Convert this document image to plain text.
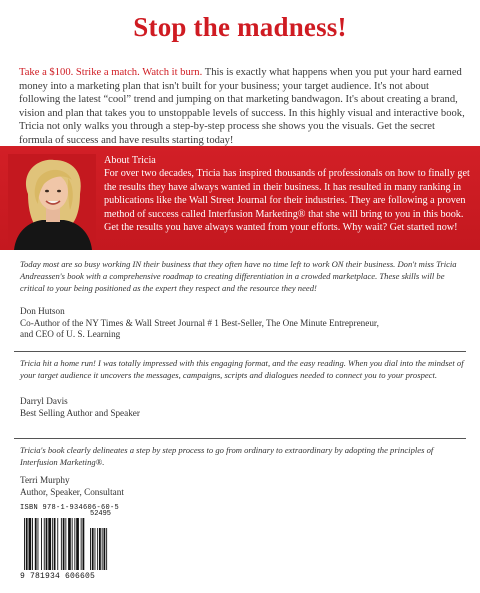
Stop the madness!
Take a $100. Strike a match. Watch it burn. This is exactly what happens when you put your hard earned money into a marketing plan that isn't built for your business; your target audience. It's not about following the latest “cool” trend and jumping on that marketing bandwagon. It's about creating a brand, vision and plan that takes you to unstoppable levels of success. In this highly visual and interactive book, Tricia not only walks you through a step-by-step process she shows you the visuals. Get the secret formula of success and have results starting today!
About Tricia
For over two decades, Tricia has inspired thousands of professionals on how to finally get the results they have always wanted in their business. It has resulted in many ranking in publications like the Wall Street Journal for their industries. They are following a proven method of success called Interfusion Marketing® that she will bring to you in this book. Get the results you have always wanted from your efforts. Why wait? Get started now!
Today most are so busy working IN their business that they often have no time left to work ON their business. Don't miss Tricia Andreassen's book with a comprehensive roadmap to creating differentiation in a crowded marketplace. These skills will be critical to your being positioned as the expert they respect and the resource they need!
Don Hutson
Co-Author of the NY Times & Wall Street Journal # 1 Best-Seller, The One Minute Entrepreneur,
and CEO of U. S. Learning
Tricia hit a home run! I was totally impressed with this engaging format, and the easy reading. When you dial into the mindset of your target audience it uncovers the messages, campaigns, scripts and dialogues needed to connect you to your prospect.
Darryl Davis
Best Selling Author and Speaker
Tricia's book clearly delineates a step by step process to go from ordinary to extraordinary by adopting the principles of Interfusion Marketing®.
Terri Murphy
Author, Speaker, Consultant
ISBN 978-1-934606-60-5
52495
9 781934 606605
